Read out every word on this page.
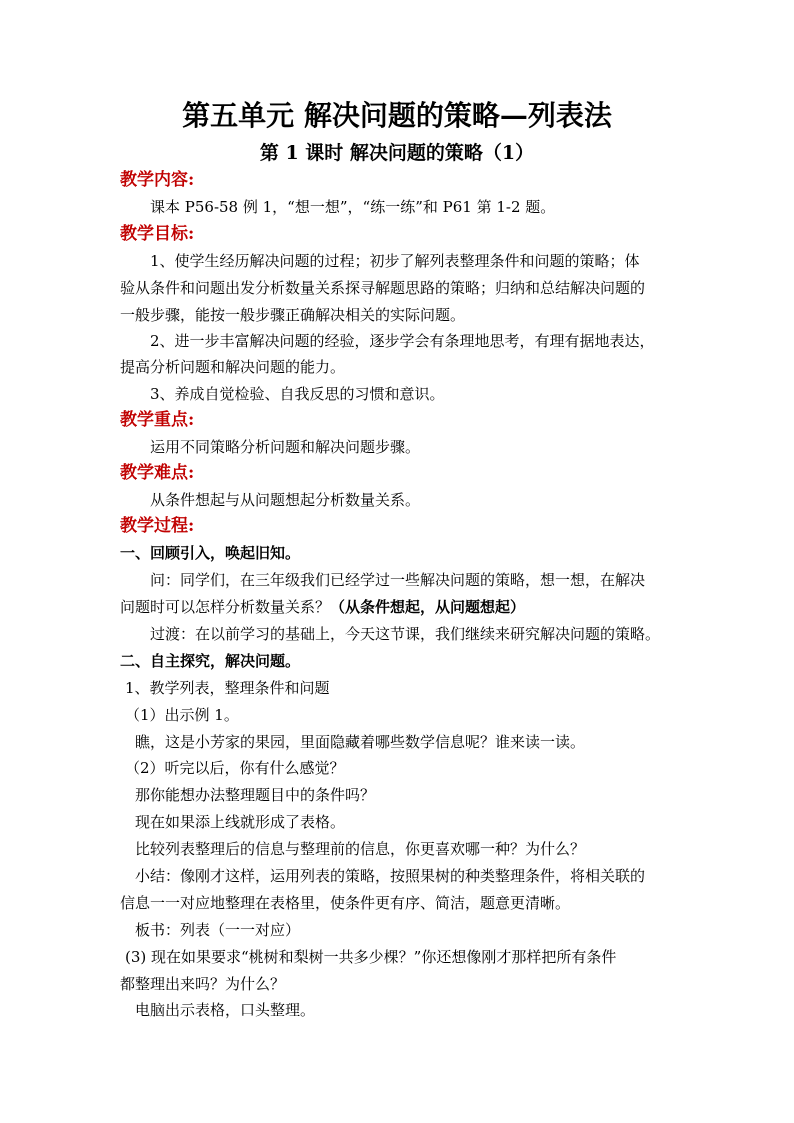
第五单元 解决问题的策略—列表法
第 1 课时 解决问题的策略（1）
教学内容:
课本 P56-58 例 1，“想一想”，“练一练”和 P61 第 1-2 题。
教学目标:
1、使学生经历解决问题的过程；初步了解列表整理条件和问题的策略；体
验从条件和问题出发分析数量关系探寻解题思路的策略；归纳和总结解决问题的
一般步骤，能按一般步骤正确解决相关的实际问题。
2、进一步丰富解决问题的经验，逐步学会有条理地思考，有理有据地表达，
提高分析问题和解决问题的能力。
3、养成自觉检验、自我反思的习惯和意识。
教学重点:
运用不同策略分析问题和解决问题步骤。
教学难点:
从条件想起与从问题想起分析数量关系。
教学过程:
一、回顾引入，唤起旧知。
问：同学们，在三年级我们已经学过一些解决问题的策略，想一想，在解决
问题时可以怎样分析数量关系？（从条件想起，从问题想起）
过渡：在以前学习的基础上，今天这节课，我们继续来研究解决问题的策略。
二、自主探究，解决问题。
1、教学列表，整理条件和问题
（1）出示例 1。
瞧，这是小芳家的果园，里面隐藏着哪些数学信息呢？谁来读一读。
（2）听完以后，你有什么感觉？
那你能想办法整理题目中的条件吗？
现在如果添上线就形成了表格。
比较列表整理后的信息与整理前的信息，你更喜欢哪一种？为什么？
小结：像刚才这样，运用列表的策略，按照果树的种类整理条件，将相关联的
信息一一对应地整理在表格里，使条件更有序、简洁，题意更清晰。
板书：列表（一一对应）
(3) 现在如果要求“桃树和梨树一共多少棵？”你还想像刚才那样把所有条件
都整理出来吗？为什么？
电脑出示表格，口头整理。
